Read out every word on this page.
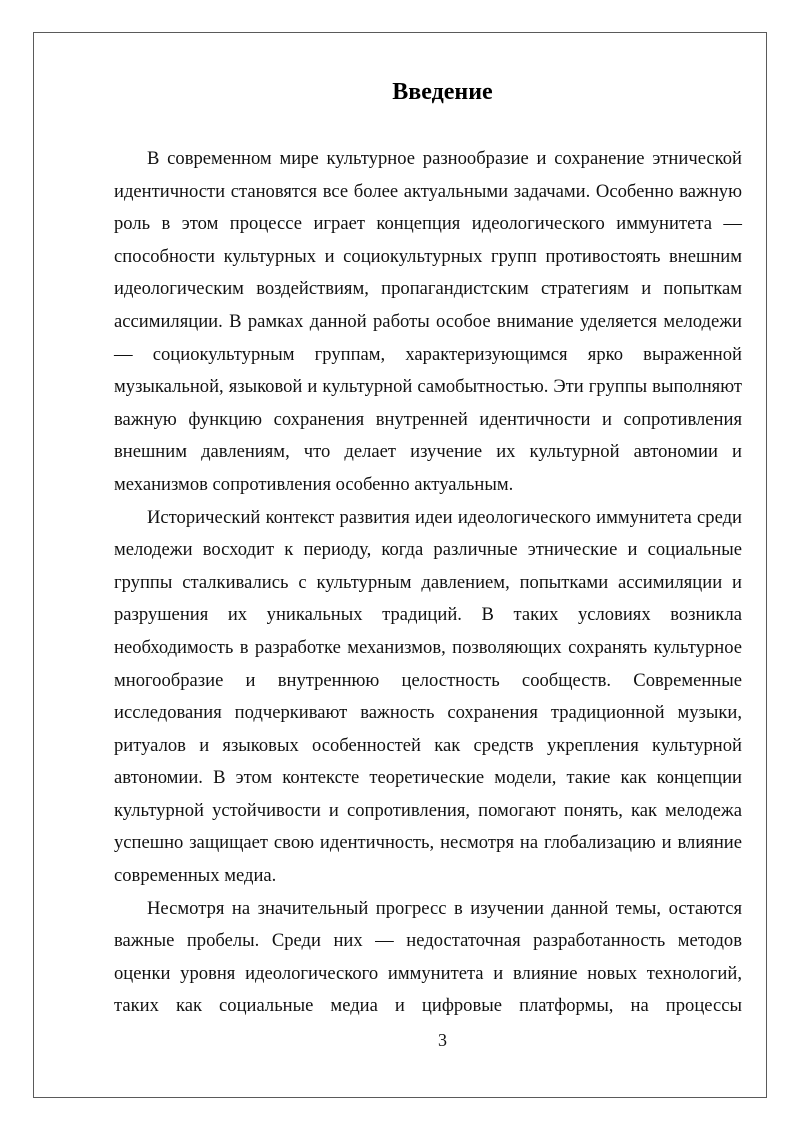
Введение

В современном мире культурное разнообразие и сохранение этнической идентичности становятся все более актуальными задачами. Особенно важную роль в этом процессе играет концепция идеологического иммунитета — способности культурных и социокультурных групп противостоять внешним идеологическим воздействиям, пропагандистским стратегиям и попыткам ассимиляции. В рамках данной работы особое внимание уделяется мелодежи — социокультурным группам, характеризующимся ярко выраженной музыкальной, языковой и культурной самобытностью. Эти группы выполняют важную функцию сохранения внутренней идентичности и сопротивления внешним давлениям, что делает изучение их культурной автономии и механизмов сопротивления особенно актуальным.

Исторический контекст развития идеи идеологического иммунитета среди мелодежи восходит к периоду, когда различные этнические и социальные группы сталкивались с культурным давлением, попытками ассимиляции и разрушения их уникальных традиций. В таких условиях возникла необходимость в разработке механизмов, позволяющих сохранять культурное многообразие и внутреннюю целостность сообществ. Современные исследования подчеркивают важность сохранения традиционной музыки, ритуалов и языковых особенностей как средств укрепления культурной автономии. В этом контексте теоретические модели, такие как концепции культурной устойчивости и сопротивления, помогают понять, как мелодежа успешно защищает свою идентичность, несмотря на глобализацию и влияние современных медиа.

Несмотря на значительный прогресс в изучении данной темы, остаются важные пробелы. Среди них — недостаточная разработанность методов оценки уровня идеологического иммунитета и влияние новых технологий, таких как социальные медиа и цифровые платформы, на процессы

3
